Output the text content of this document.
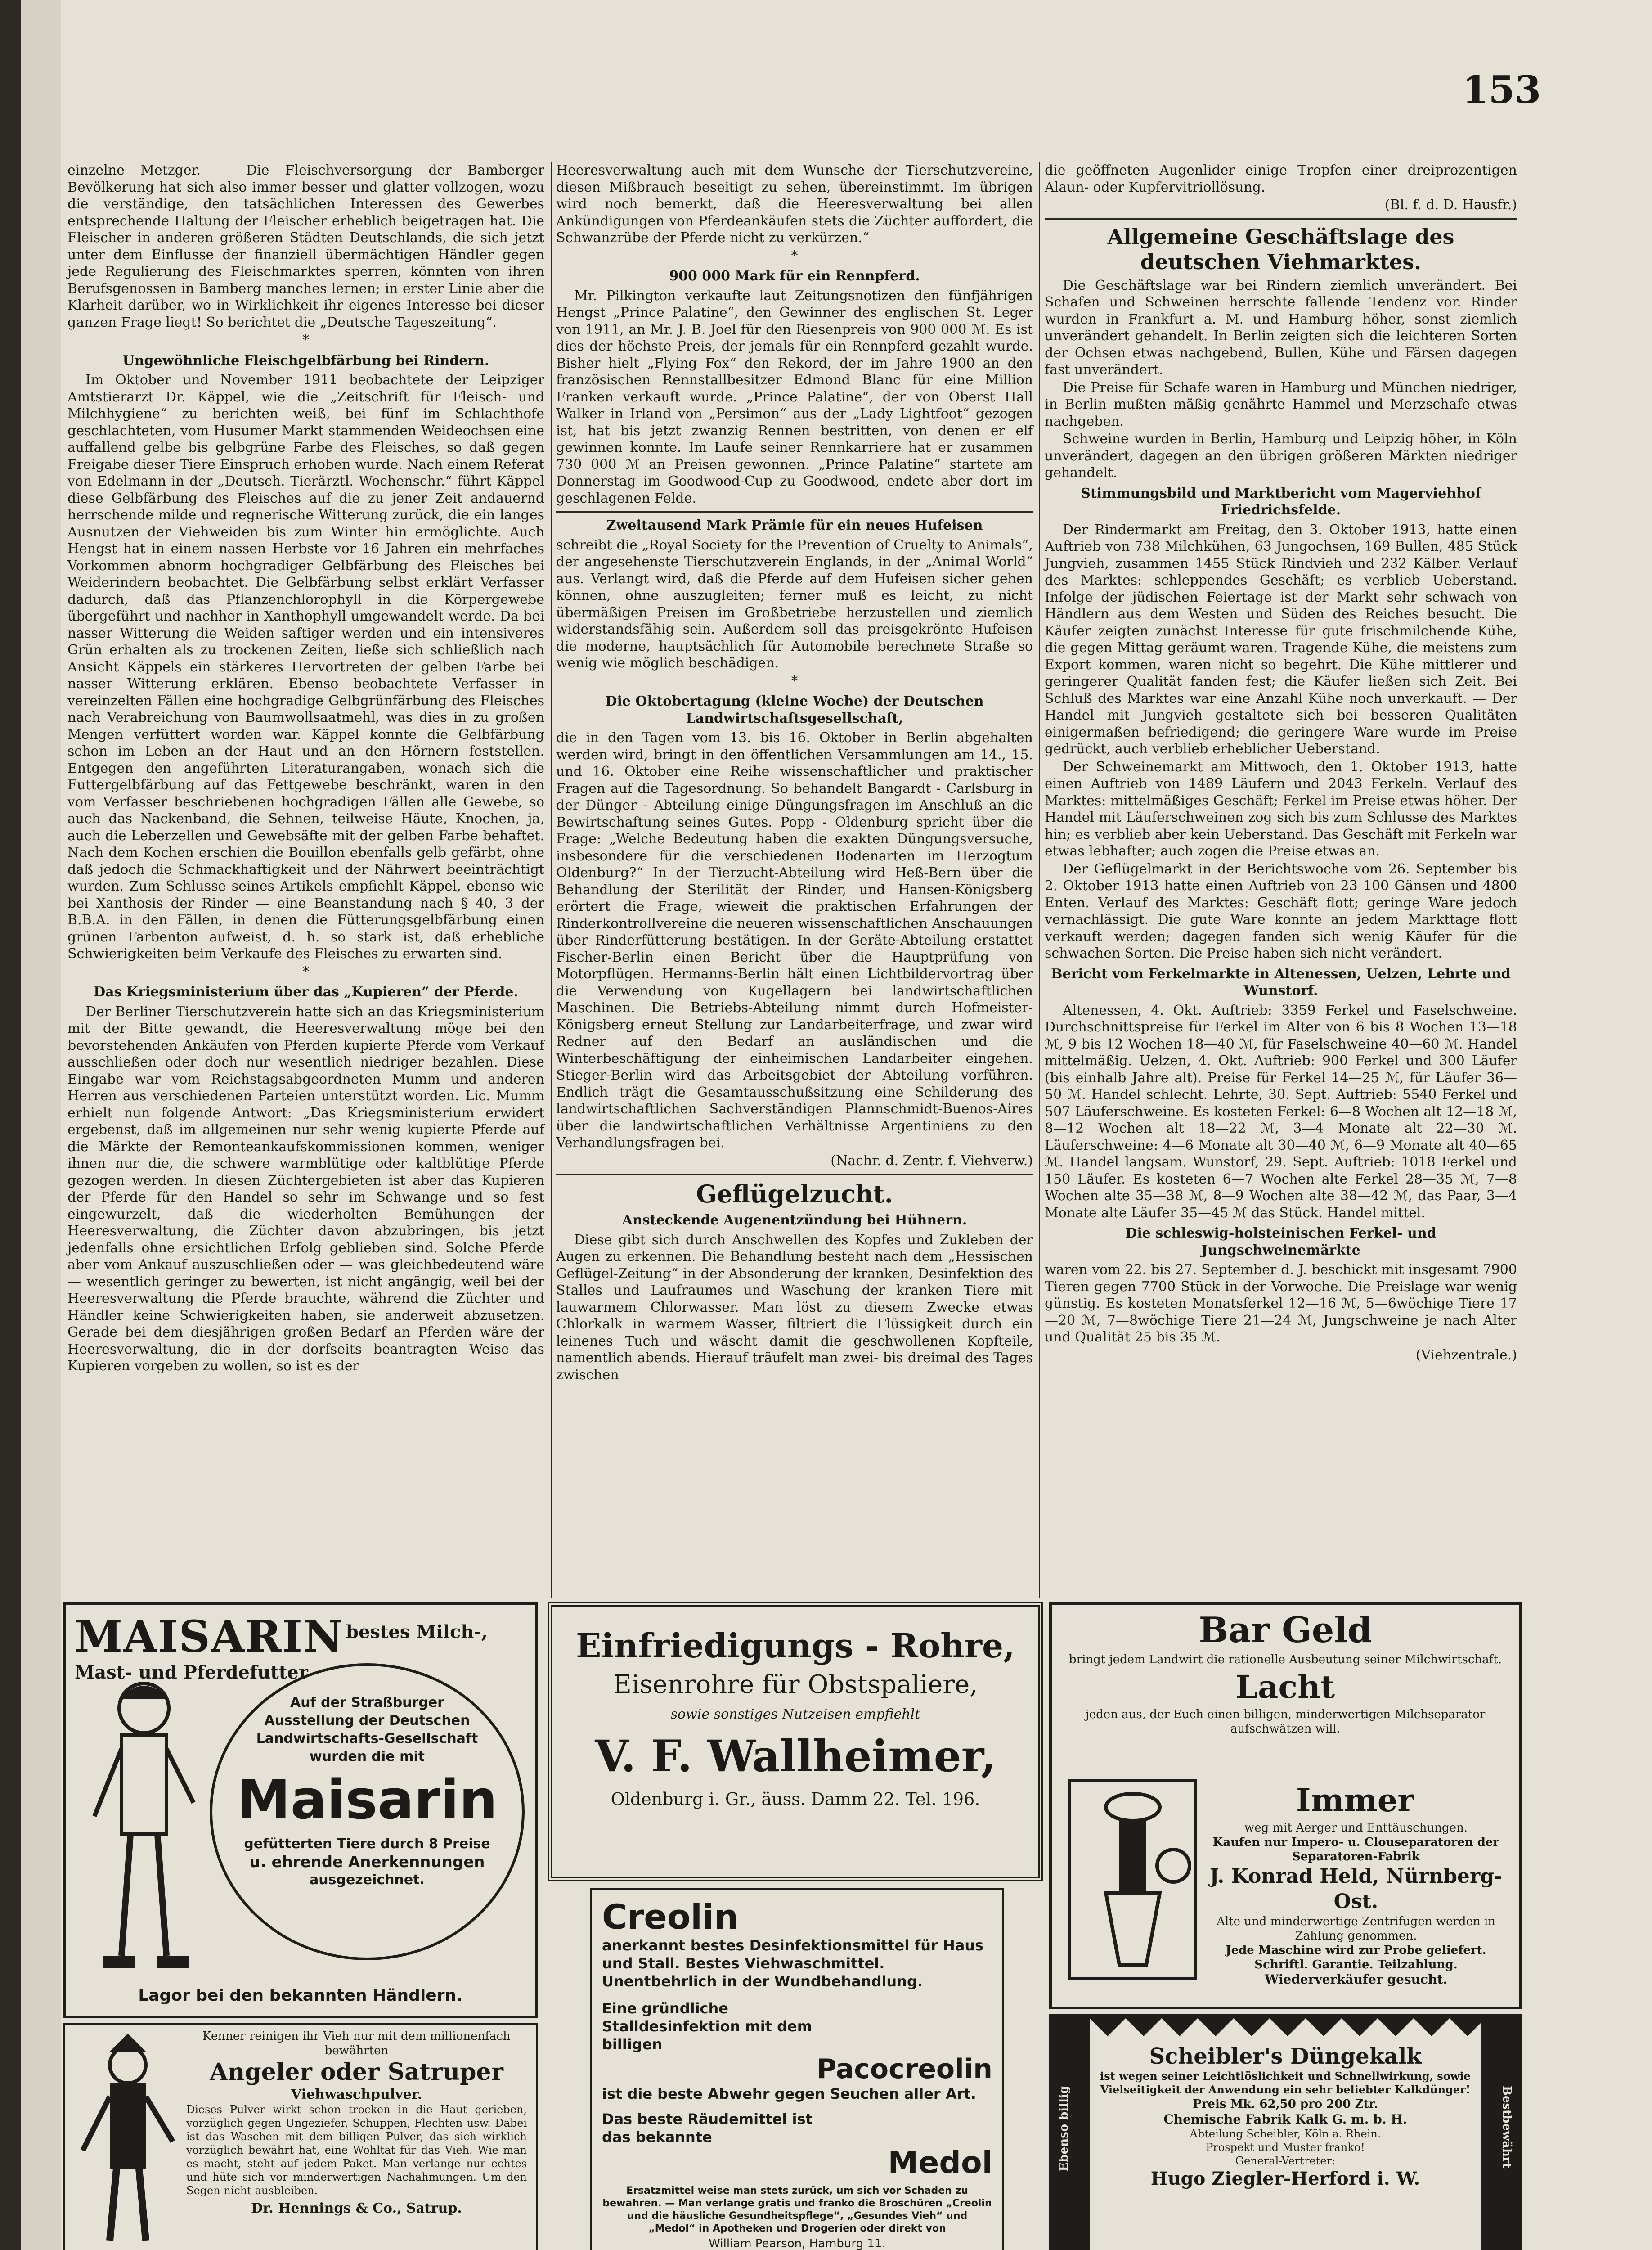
153

einzelne Metzger. — Die Fleischversorgung der Bamberger Bevölkerung hat sich also immer besser und glatter vollzogen, wozu die verständige, den tatsächlichen Interessen des Gewerbes entsprechende Haltung der Fleischer erheblich beigetragen hat. Die Fleischer in anderen größeren Städten Deutschlands, die sich jetzt unter dem Einflusse der finanziell übermächtigen Händler gegen jede Regulierung des Fleischmarktes sperren, könnten von ihren Berufsgenossen in Bamberg manches lernen; in erster Linie aber die Klarheit darüber, wo in Wirklichkeit ihr eigenes Interesse bei dieser ganzen Frage liegt! So berichtet die „Deutsche Tageszeitung“.

*

Ungewöhnliche Fleischgelbfärbung bei Rindern.

Im Oktober und November 1911 beobachtete der Leipziger Amtstierarzt Dr. Käppel, wie die „Zeitschrift für Fleisch- und Milchhygiene“ zu berichten weiß, bei fünf im Schlachthofe geschlachteten, vom Husumer Markt stammenden Weideochsen eine auffallend gelbe bis gelbgrüne Farbe des Fleisches, so daß gegen Freigabe dieser Tiere Einspruch erhoben wurde. Nach einem Referat von Edelmann in der „Deutsch. Tierärztl. Wochenschr.“ führt Käppel diese Gelbfärbung des Fleisches auf die zu jener Zeit andauernd herrschende milde und regnerische Witterung zurück, die ein langes Ausnutzen der Viehweiden bis zum Winter hin ermöglichte. Auch Hengst hat in einem nassen Herbste vor 16 Jahren ein mehrfaches Vorkommen abnorm hochgradiger Gelbfärbung des Fleisches bei Weiderindern beobachtet. Die Gelbfärbung selbst erklärt Verfasser dadurch, daß das Pflanzenchlorophyll in die Körpergewebe übergeführt und nachher in Xanthophyll umgewandelt werde. Da bei nasser Witterung die Weiden saftiger werden und ein intensiveres Grün erhalten als zu trockenen Zeiten, ließe sich schließlich nach Ansicht Käppels ein stärkeres Hervortreten der gelben Farbe bei nasser Witterung erklären. Ebenso beobachtete Verfasser in vereinzelten Fällen eine hochgradige Gelbgrünfärbung des Fleisches nach Verabreichung von Baumwollsaatmehl, was dies in zu großen Mengen verfüttert worden war. Käppel konnte die Gelbfärbung schon im Leben an der Haut und an den Hörnern feststellen. Entgegen den angeführten Literaturangaben, wonach sich die Futtergelbfärbung auf das Fettgewebe beschränkt, waren in den vom Verfasser beschriebenen hochgradigen Fällen alle Gewebe, so auch das Nackenband, die Sehnen, teilweise Häute, Knochen, ja, auch die Leberzellen und Gewebsäfte mit der gelben Farbe behaftet. Nach dem Kochen erschien die Bouillon ebenfalls gelb gefärbt, ohne daß jedoch die Schmackhaftigkeit und der Nährwert beeinträchtigt wurden. Zum Schlusse seines Artikels empfiehlt Käppel, ebenso wie bei Xanthosis der Rinder — eine Beanstandung nach § 40, 3 der B.B.A. in den Fällen, in denen die Fütterungsgelbfärbung einen grünen Farbenton aufweist, d. h. so stark ist, daß erhebliche Schwierigkeiten beim Verkaufe des Fleisches zu erwarten sind.

*

Das Kriegsministerium über das „Kupieren“ der Pferde.

Der Berliner Tierschutzverein hatte sich an das Kriegsministerium mit der Bitte gewandt, die Heeresverwaltung möge bei den bevorstehenden Ankäufen von Pferden kupierte Pferde vom Verkauf ausschließen oder doch nur wesentlich niedriger bezahlen. Diese Eingabe war vom Reichstagsabgeordneten Mumm und anderen Herren aus verschiedenen Parteien unterstützt worden. Lic. Mumm erhielt nun folgende Antwort: „Das Kriegsministerium erwidert ergebenst, daß im allgemeinen nur sehr wenig kupierte Pferde auf die Märkte der Remonteankaufskommissionen kommen, weniger ihnen nur die, die schwere warmblütige oder kaltblütige Pferde gezogen werden. In diesen Züchtergebieten ist aber das Kupieren der Pferde für den Handel so sehr im Schwange und so fest eingewurzelt, daß die wiederholten Bemühungen der Heeresverwaltung, die Züchter davon abzubringen, bis jetzt jedenfalls ohne ersichtlichen Erfolg geblieben sind. Solche Pferde aber vom Ankauf auszuschließen oder — was gleichbedeutend wäre — wesentlich geringer zu bewerten, ist nicht angängig, weil bei der Heeresverwaltung die Pferde brauchte, während die Züchter und Händler keine Schwierigkeiten haben, sie anderweit abzusetzen. Gerade bei dem diesjährigen großen Bedarf an Pferden wäre der Heeresverwaltung, die in der dorfseits beantragten Weise das Kupieren vorgeben zu wollen, so ist es der

Heeresverwaltung auch mit dem Wunsche der Tierschutzvereine, diesen Mißbrauch beseitigt zu sehen, übereinstimmt. Im übrigen wird noch bemerkt, daß die Heeresverwaltung bei allen Ankündigungen von Pferdeankäufen stets die Züchter auffordert, die Schwanzrübe der Pferde nicht zu verkürzen.“

*

900 000 Mark für ein Rennpferd.

Mr. Pilkington verkaufte laut Zeitungsnotizen den fünfjährigen Hengst „Prince Palatine“, den Gewinner des englischen St. Leger von 1911, an Mr. J. B. Joel für den Riesenpreis von 900 000 ℳ. Es ist dies der höchste Preis, der jemals für ein Rennpferd gezahlt wurde. Bisher hielt „Flying Fox“ den Rekord, der im Jahre 1900 an den französischen Rennstallbesitzer Edmond Blanc für eine Million Franken verkauft wurde. „Prince Palatine“, der von Oberst Hall Walker in Irland von „Persimon“ aus der „Lady Lightfoot“ gezogen ist, hat bis jetzt zwanzig Rennen bestritten, von denen er elf gewinnen konnte. Im Laufe seiner Rennkarriere hat er zusammen 730 000 ℳ an Preisen gewonnen. „Prince Palatine“ startete am Donnerstag im Goodwood-Cup zu Goodwood, endete aber dort im geschlagenen Felde.

Zweitausend Mark Prämie für ein neues Hufeisen

schreibt die „Royal Society for the Prevention of Cruelty to Animals“, der angesehenste Tierschutzverein Englands, in der „Animal World“ aus. Verlangt wird, daß die Pferde auf dem Hufeisen sicher gehen können, ohne auszugleiten; ferner muß es leicht, zu nicht übermäßigen Preisen im Großbetriebe herzustellen und ziemlich widerstandsfähig sein. Außerdem soll das preisgekrönte Hufeisen die moderne, hauptsächlich für Automobile berechnete Straße so wenig wie möglich beschädigen.

*

Die Oktobertagung (kleine Woche) der Deutschen Landwirtschaftsgesellschaft,

die in den Tagen vom 13. bis 16. Oktober in Berlin abgehalten werden wird, bringt in den öffentlichen Versammlungen am 14., 15. und 16. Oktober eine Reihe wissenschaftlicher und praktischer Fragen auf die Tagesordnung. So behandelt Bangardt - Carlsburg in der Dünger - Abteilung einige Düngungsfragen im Anschluß an die Bewirtschaftung seines Gutes. Popp - Oldenburg spricht über die Frage: „Welche Bedeutung haben die exakten Düngungsversuche, insbesondere für die verschiedenen Bodenarten im Herzogtum Oldenburg?“ In der Tierzucht-Abteilung wird Heß-Bern über die Behandlung der Sterilität der Rinder, und Hansen-Königsberg erörtert die Frage, wieweit die praktischen Erfahrungen der Rinderkontrollvereine die neueren wissenschaftlichen Anschauungen über Rinderfütterung bestätigen. In der Geräte-Abteilung erstattet Fischer-Berlin einen Bericht über die Hauptprüfung von Motorpflügen. Hermanns-Berlin hält einen Lichtbildervortrag über die Verwendung von Kugellagern bei landwirtschaftlichen Maschinen. Die Betriebs-Abteilung nimmt durch Hofmeister-Königsberg erneut Stellung zur Landarbeiterfrage, und zwar wird Redner auf den Bedarf an ausländischen und die Winterbeschäftigung der einheimischen Landarbeiter eingehen. Stieger-Berlin wird das Arbeitsgebiet der Abteilung vorführen. Endlich trägt die Gesamtausschußsitzung eine Schilderung des landwirtschaftlichen Sachverständigen Plannschmidt-Buenos-Aires über die landwirtschaftlichen Verhältnisse Argentiniens zu den Verhandlungsfragen bei.

(Nachr. d. Zentr. f. Viehverw.)

Geflügelzucht.

Ansteckende Augenentzündung bei Hühnern.

Diese gibt sich durch Anschwellen des Kopfes und Zukleben der Augen zu erkennen. Die Behandlung besteht nach dem „Hessischen Geflügel-Zeitung“ in der Absonderung der kranken, Desinfektion des Stalles und Laufraumes und Waschung der kranken Tiere mit lauwarmem Chlorwasser. Man löst zu diesem Zwecke etwas Chlorkalk in warmem Wasser, filtriert die Flüssigkeit durch ein leinenes Tuch und wäscht damit die geschwollenen Kopfteile, namentlich abends. Hierauf träufelt man zwei- bis dreimal des Tages zwischen

die geöffneten Augenlider einige Tropfen einer dreiprozentigen Alaun- oder Kupfervitriollösung.

(Bl. f. d. D. Hausfr.)

Allgemeine Geschäftslage des deutschen Viehmarktes.

Die Geschäftslage war bei Rindern ziemlich unverändert. Bei Schafen und Schweinen herrschte fallende Tendenz vor. Rinder wurden in Frankfurt a. M. und Hamburg höher, sonst ziemlich unverändert gehandelt. In Berlin zeigten sich die leichteren Sorten der Ochsen etwas nachgebend, Bullen, Kühe und Färsen dagegen fast unverändert.

Die Preise für Schafe waren in Hamburg und München niedriger, in Berlin mußten mäßig genährte Hammel und Merzschafe etwas nachgeben.

Schweine wurden in Berlin, Hamburg und Leipzig höher, in Köln unverändert, dagegen an den übrigen größeren Märkten niedriger gehandelt.

Stimmungsbild und Marktbericht vom Magerviehhof Friedrichsfelde.

Der Rindermarkt am Freitag, den 3. Oktober 1913, hatte einen Auftrieb von 738 Milchkühen, 63 Jungochsen, 169 Bullen, 485 Stück Jungvieh, zusammen 1455 Stück Rindvieh und 232 Kälber. Verlauf des Marktes: schleppendes Geschäft; es verblieb Ueberstand. Infolge der jüdischen Feiertage ist der Markt sehr schwach von Händlern aus dem Westen und Süden des Reiches besucht. Die Käufer zeigten zunächst Interesse für gute frischmilchende Kühe, die gegen Mittag geräumt waren. Tragende Kühe, die meistens zum Export kommen, waren nicht so begehrt. Die Kühe mittlerer und geringerer Qualität fanden fest; die Käufer ließen sich Zeit. Bei Schluß des Marktes war eine Anzahl Kühe noch unverkauft. — Der Handel mit Jungvieh gestaltete sich bei besseren Qualitäten einigermaßen befriedigend; die geringere Ware wurde im Preise gedrückt, auch verblieb erheblicher Ueberstand.

Der Schweinemarkt am Mittwoch, den 1. Oktober 1913, hatte einen Auftrieb von 1489 Läufern und 2043 Ferkeln. Verlauf des Marktes: mittelmäßiges Geschäft; Ferkel im Preise etwas höher. Der Handel mit Läuferschweinen zog sich bis zum Schlusse des Marktes hin; es verblieb aber kein Ueberstand. Das Geschäft mit Ferkeln war etwas lebhafter; auch zogen die Preise etwas an.

Der Geflügelmarkt in der Berichtswoche vom 26. September bis 2. Oktober 1913 hatte einen Auftrieb von 23 100 Gänsen und 4800 Enten. Verlauf des Marktes: Geschäft flott; geringe Ware jedoch vernachlässigt. Die gute Ware konnte an jedem Markttage flott verkauft werden; dagegen fanden sich wenig Käufer für die schwachen Sorten. Die Preise haben sich nicht verändert.

Bericht vom Ferkelmarkte in Altenessen, Uelzen, Lehrte und Wunstorf.

Altenessen, 4. Okt. Auftrieb: 3359 Ferkel und Faselschweine. Durchschnittspreise für Ferkel im Alter von 6 bis 8 Wochen 13—18 ℳ, 9 bis 12 Wochen 18—40 ℳ, für Faselschweine 40—60 ℳ. Handel mittelmäßig. Uelzen, 4. Okt. Auftrieb: 900 Ferkel und 300 Läufer (bis einhalb Jahre alt). Preise für Ferkel 14—25 ℳ, für Läufer 36—50 ℳ. Handel schlecht. Lehrte, 30. Sept. Auftrieb: 5540 Ferkel und 507 Läuferschweine. Es kosteten Ferkel: 6—8 Wochen alt 12—18 ℳ, 8—12 Wochen alt 18—22 ℳ, 3—4 Monate alt 22—30 ℳ. Läuferschweine: 4—6 Monate alt 30—40 ℳ, 6—9 Monate alt 40—65 ℳ. Handel langsam. Wunstorf, 29. Sept. Auftrieb: 1018 Ferkel und 150 Läufer. Es kosteten 6—7 Wochen alte Ferkel 28—35 ℳ, 7—8 Wochen alte 35—38 ℳ, 8—9 Wochen alte 38—42 ℳ, das Paar, 3—4 Monate alte Läufer 35—45 ℳ das Stück. Handel mittel.

Die schleswig-holsteinischen Ferkel- und Jungschweinemärkte

waren vom 22. bis 27. September d. J. beschickt mit insgesamt 7900 Tieren gegen 7700 Stück in der Vorwoche. Die Preislage war wenig günstig. Es kosteten Monatsferkel 12—16 ℳ, 5—6wöchige Tiere 17—20 ℳ, 7—8wöchige Tiere 21—24 ℳ, Jungschweine je nach Alter und Qualität 25 bis 35 ℳ.

(Viehzentrale.)

MAISARIN bestes Milch-, Mast- und Pferdefutter
Auf der Straßburger
Ausstellung der Deutschen
Landwirtschafts-Gesellschaft
wurden die mit
Maisarin
gefütterten Tiere durch 8 Preise
u. ehrende Anerkennungen
ausgezeichnet.
Lagor bei den bekannten Händlern.
Einfriedigungs - Rohre,
Eisenrohre für Obstspaliere,
sowie sonstiges Nutzeisen empfiehlt
V. F. Wallheimer,
Oldenburg i. Gr., äuss. Damm 22. Tel. 196.
Creolin
anerkannt bestes Desinfektionsmittel für Haus und Stall. Bestes Viehwaschmittel. Unentbehrlich in der Wundbehandlung.
Eine gründliche Stalldesinfektion mit dem billigen
Pacocreolin
ist die beste Abwehr gegen Seuchen aller Art.
Das beste Räudemittel ist das bekannte
Medol
Ersatzmittel weise man stets zurück, um sich vor Schaden zu bewahren. — Man verlange gratis und franko die Broschüren „Creolin und die häusliche Gesundheitspflege“, „Gesundes Vieh“ und „Medol“ in Apotheken und Drogerien oder direkt von
William Pearson, Hamburg 11.
Bar Geld
bringt jedem Landwirt die rationelle Ausbeutung seiner Milchwirtschaft.
Lacht
jeden aus, der Euch einen billigen, minderwertigen Milchseparator aufschwätzen will.
Immer
weg mit Aerger und Enttäuschungen.
Kaufen nur Impero- u. Clouseparatoren der Separatoren-Fabrik
J. Konrad Held, Nürnberg-Ost.
Alte und minderwertige Zentrifugen werden in Zahlung genommen.
Jede Maschine wird zur Probe geliefert. Schriftl. Garantie. Teilzahlung.
Wiederverkäufer gesucht.
Kenner reinigen ihr Vieh nur mit dem millionenfach bewährten
Angeler oder Satruper
Viehwaschpulver.
Dieses Pulver wirkt schon trocken in die Haut gerieben, vorzüglich gegen Ungeziefer, Schuppen, Flechten usw. Dabei ist das Waschen mit dem billigen Pulver, das sich wirklich vorzüglich bewährt hat, eine Wohltat für das Vieh. Wie man es macht, steht auf jedem Paket. Man verlange nur echtes und hüte sich vor minderwertigen Nachahmungen. Um den Segen nicht ausbleiben.
Dr. Hennings & Co., Satrup.
Ebenso billig	Bestbewährt
Scheibler's Düngekalk
ist wegen seiner Leichtlöslichkeit und Schnellwirkung, sowie Vielseitigkeit der Anwendung ein sehr beliebter Kalkdünger!
Preis Mk. 62,50 pro 200 Ztr.
Chemische Fabrik Kalk G. m. b. H.
Abteilung Scheibler, Köln a. Rhein.
Prospekt und Muster franko!
General-Vertreter:
Hugo Ziegler-Herford i. W.
